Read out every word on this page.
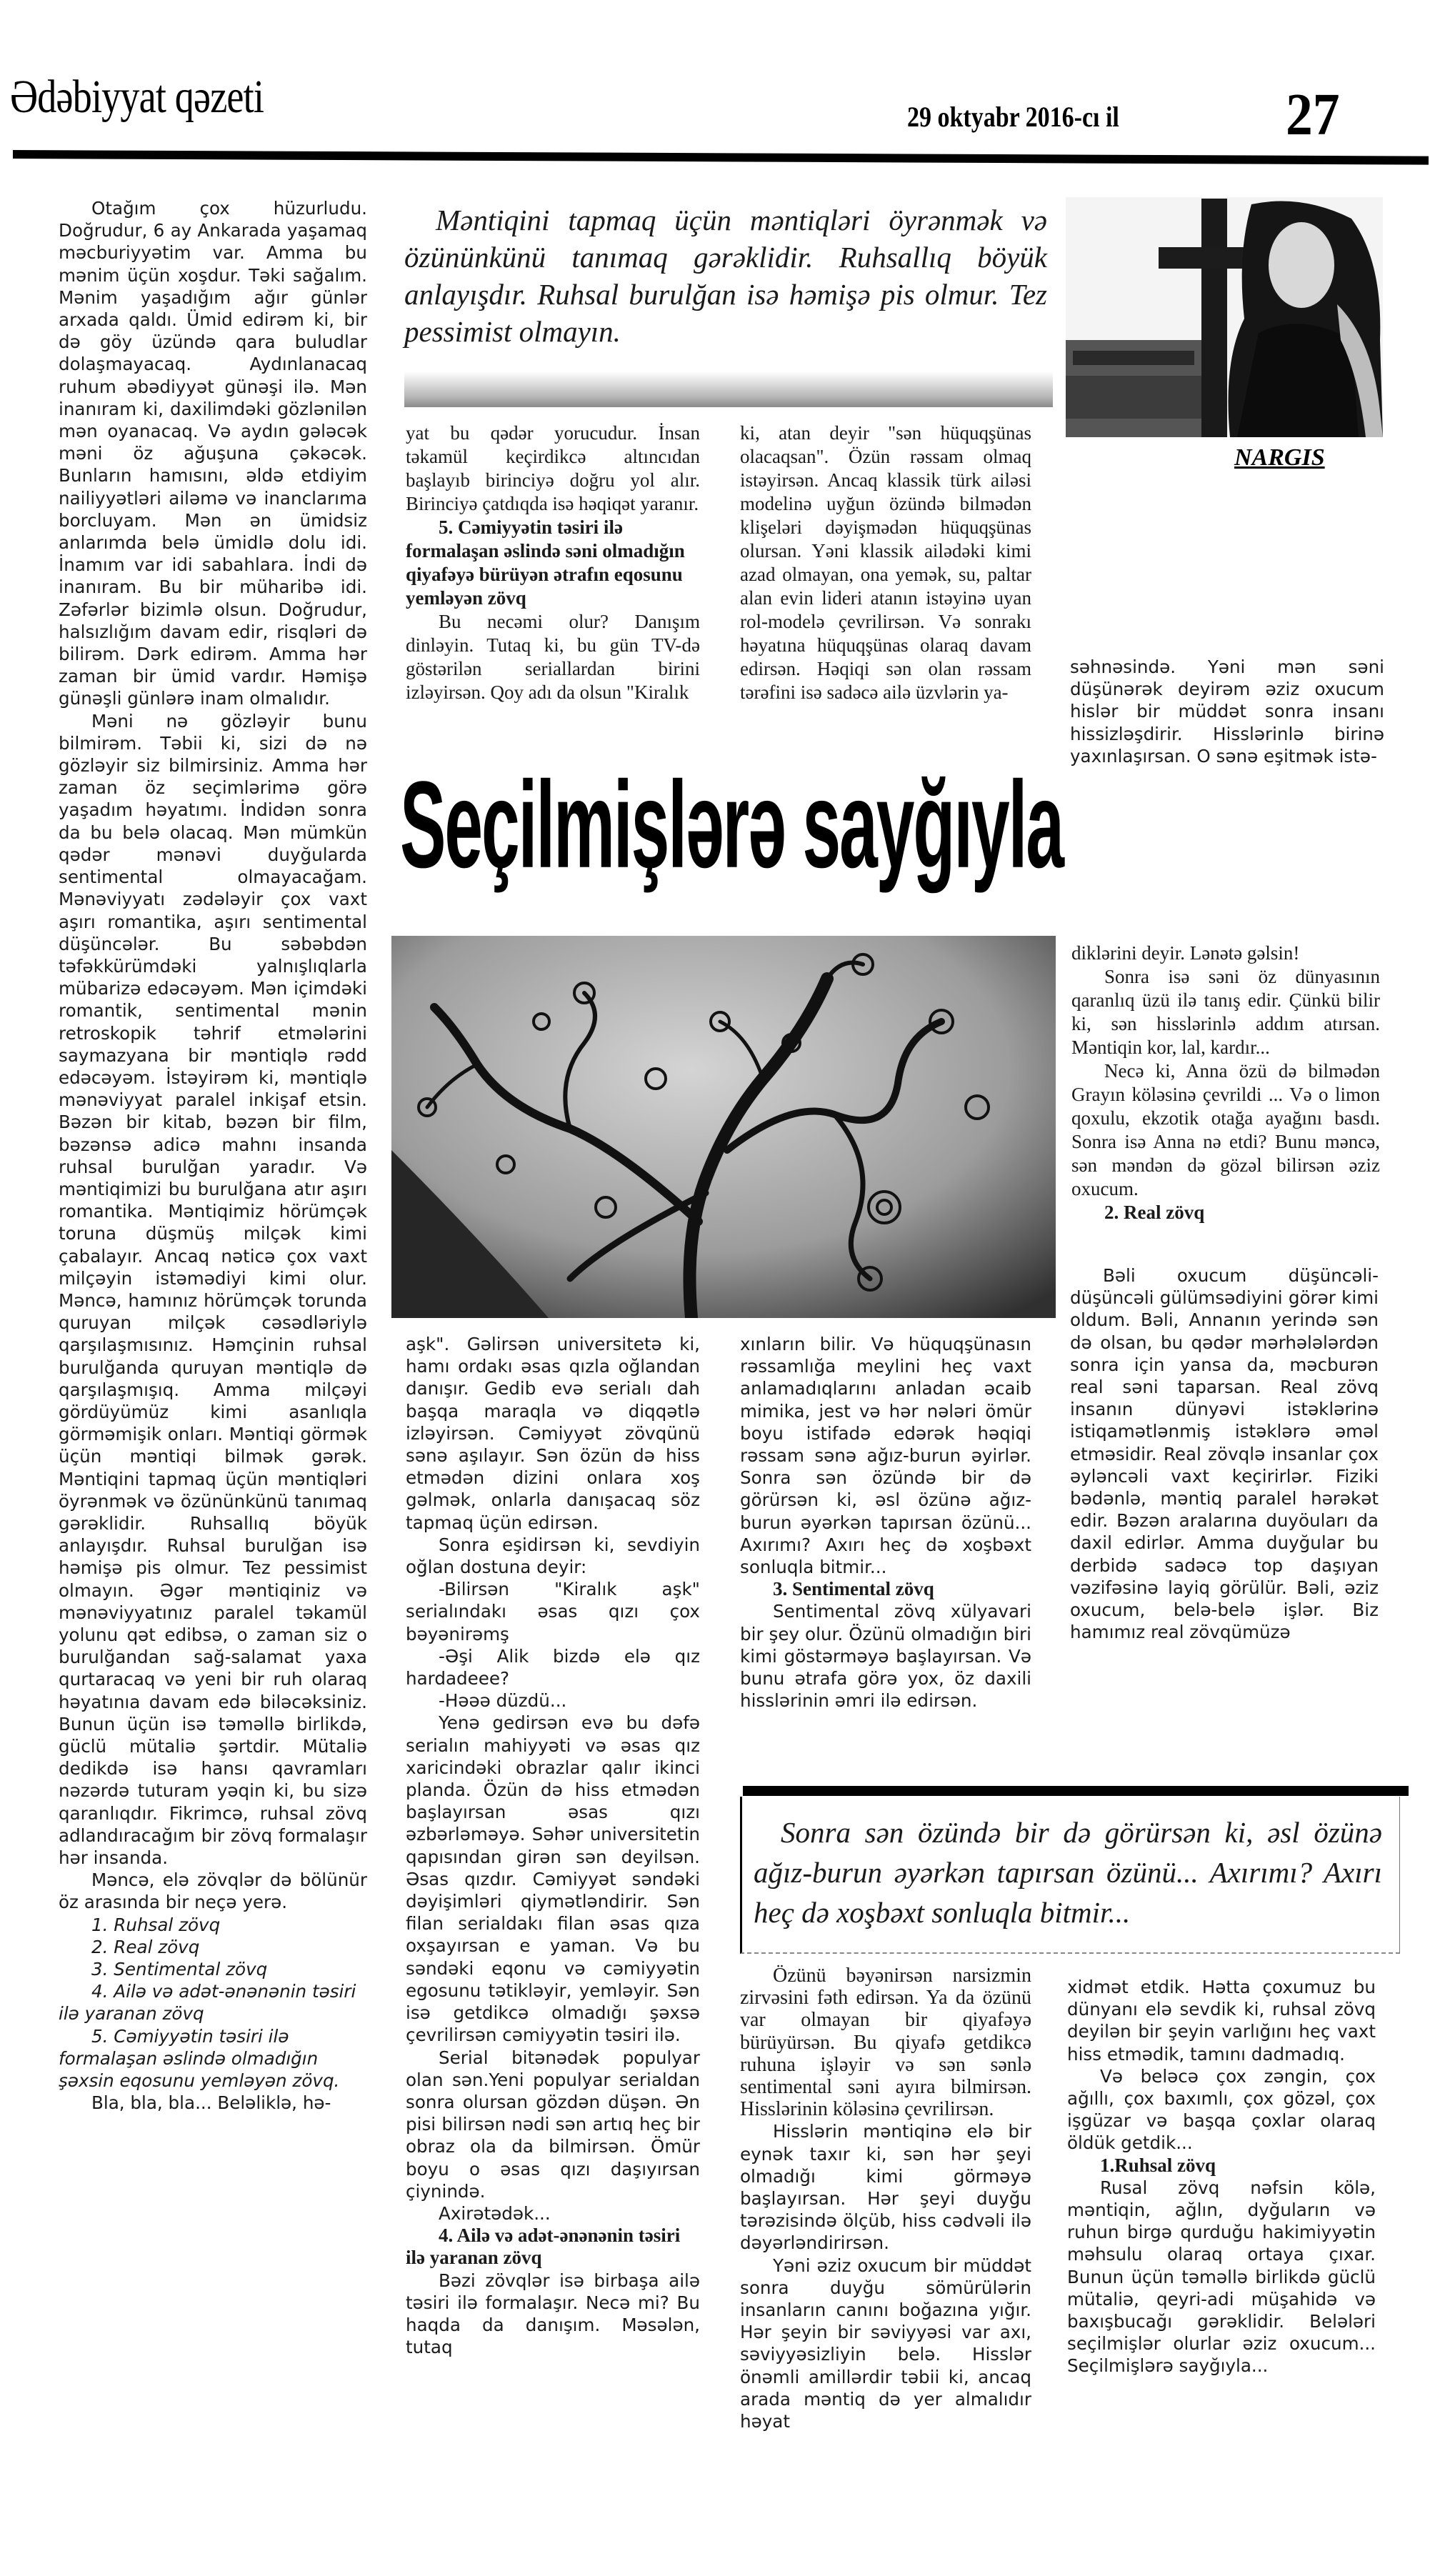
Ədəbiyyat qəzeti	29 oktyabr 2016-cı il	27

Otağım çox hüzurludu. Doğrudur, 6 ay Ankarada yaşamaq məcburiyyətim var. Amma bu mənim üçün xoşdur. Təki sağalım. Mənim yaşadığım ağır günlər arxada qaldı. Ümid edirəm ki, bir də göy üzündə qara buludlar dolaşmayacaq. Aydınlanacaq ruhum əbədiyyət günəşi ilə. Mən inanıram ki, daxilimdəki gözlənilən mən oyanacaq. Və aydın gələcək məni öz ağuşuna çəkəcək. Bunların hamısını, əldə etdiyim nailiyyətləri ailəmə və inanclarıma borcluyam. Mən ən ümidsiz anlarımda belə ümidlə dolu idi. İnamım var idi sabahlara. İndi də inanıram. Bu bir müharibə idi. Zəfərlər bizimlə olsun. Doğrudur, halsızlığım davam edir, risqləri də bilirəm. Dərk edirəm. Amma hər zaman bir ümid vardır. Həmişə günəşli günlərə inam olmalıdır.

Məni nə gözləyir bunu bilmirəm. Təbii ki, sizi də nə gözləyir siz bilmirsiniz. Amma hər zaman öz seçimlərimə görə yaşadım həyatımı. İndidən sonra da bu belə olacaq. Mən mümkün qədər mənəvi duyğularda sentimental olmayacağam. Mənəviyyatı zədələyir çox vaxt aşırı romantika, aşırı sentimental düşüncələr. Bu səbəbdən təfəkkürümdəki yalnışlıqlarla mübarizə edəcəyəm. Mən içimdəki romantik, sentimental mənin retroskopik təhrif etmələrini saymazyana bir məntiqlə rədd edəcəyəm. İstəyirəm ki, məntiqlə mənəviyyat paralel inkişaf etsin. Bəzən bir kitab, bəzən bir film, bəzənsə adicə mahnı insanda ruhsal burulğan yaradır. Və məntiqimizi bu burulğana atır aşırı romantika. Məntiqimiz hörümçək toruna düşmüş milçək kimi çabalayır. Ancaq nəticə çox vaxt milçəyin istəmədiyi kimi olur. Məncə, hamınız hörümçək torunda quruyan milçək cəsədləriylə qarşılaşmısınız. Həmçinin ruhsal burulğanda quruyan məntiqlə də qarşılaşmışıq. Amma milçəyi gördüyümüz kimi asanlıqla görməmişik onları. Məntiqi görmək üçün məntiqi bilmək gərək. Məntiqini tapmaq üçün məntiqləri öyrənmək və özününkünü tanımaq gərəklidir. Ruhsallıq böyük anlayışdır. Ruhsal burulğan isə həmişə pis olmur. Tez pessimist olmayın. Əgər məntiqiniz və mənəviyyatınız paralel təkamül yolunu qət edibsə, o zaman siz o burulğandan sağ-salamat yaxa qurtaracaq və yeni bir ruh olaraq həyatınıa davam edə biləcəksiniz. Bunun üçün isə təməllə birlikdə, güclü mütaliə şərtdir. Mütaliə dedikdə isə hansı qavramları nəzərdə tuturam yəqin ki, bu sizə qaranlıqdır. Fikrimcə, ruhsal zövq adlandıracağım bir zövq formalaşır hər insanda.

Məncə, elə zövqlər də bölünür öz arasında bir neçə yerə.

1. Ruhsal zövq

2. Real zövq

3. Sentimental zövq

4. Ailə və adət-ənənənin təsiri ilə yaranan zövq

5. Cəmiyyətin təsiri ilə formalaşan əslində olmadığın şəxsin eqosunu yemləyən zövq.

Bla, bla, bla... Beləliklə, hə-

Məntiqini tapmaq üçün məntiqləri öyrənmək və özününkünü tanımaq gərəklidir. Ruhsallıq böyük anlayışdır. Ruhsal burulğan isə həmişə pis olmur. Tez pessimist olmayın.
NARGIS

yat bu qədər yorucudur. İnsan təkamül keçirdikcə altıncıdan başlayıb birinciyə doğru yol alır. Birinciyə çatdıqda isə həqiqət yaranır.

5. Cəmiyyətin təsiri ilə formalaşan əslində səni olmadığın qiyafəyə bürüyən ətrafın eqosunu yemləyən zövq

Bu necəmi olur? Danışım dinləyin. Tutaq ki, bu gün TV-də göstərilən seriallardan birini izləyirsən. Qoy adı da olsun "Kiralık

ki, atan deyir "sən hüquqşünas olacaqsan". Özün rəssam olmaq istəyirsən. Ancaq klassik türk ailəsi modelinə uyğun özündə bilmədən klişeləri dəyişmədən hüquqşünas olursan. Yəni klassik ailədəki kimi azad olmayan, ona yemək, su, paltar alan evin lideri atanın istəyinə uyan rol-modelə çevrilirsən. Və sonrakı həyatına hüquqşünas olaraq davam edirsən. Həqiqi sən olan rəssam tərəfini isə sadəcə ailə üzvlərin ya-

səhnəsində. Yəni mən səni düşünərək deyirəm əziz oxucum hislər bir müddət sonra insanı hissizləşdirir. Hisslərinlə birinə yaxınlaşırsan. O sənə eşitmək istə-

Seçilmişlərə sayğıyla

diklərini deyir. Lənətə gəlsin!

Sonra isə səni öz dünyasının qaranlıq üzü ilə tanış edir. Çünkü bilir ki, sən hisslərinlə addım atırsan. Məntiqin kor, lal, kardır...

Necə ki, Anna özü də bilmədən Grayın köləsinə çevrildi ... Və o limon qoxulu, ekzotik otağa ayağını basdı. Sonra isə Anna nə etdi? Bunu məncə, sən məndən də gözəl bilirsən əziz oxucum.

2. Real zövq

Bəli oxucum düşüncəli-düşüncəli gülümsədiyini görər kimi oldum. Bəli, Annanın yerində sən də olsan, bu qədər mərhələlərdən sonra için yansa da, məcburən real səni taparsan. Real zövq insanın dünyəvi istəklərinə istiqamətlənmiş istəklərə əməl etməsidir. Real zövqlə insanlar çox əyləncəli vaxt keçirirlər. Fiziki bədənlə, məntiq paralel hərəkət edir. Bəzən aralarına duyöuları da daxil edirlər. Amma duyğular bu derbidə sadəcə top daşıyan vəzifəsinə layiq görülür. Bəli, əziz oxucum, belə-belə işlər. Biz hamımız real zövqümüzə

aşk". Gəlirsən universitetə ki, hamı ordakı əsas qızla oğlandan danışır. Gedib evə serialı dah başqa maraqla və diqqətlə izləyirsən. Cəmiyyət zövqünü sənə aşılayır. Sən özün də hiss etmədən dizini onlara xoş gəlmək, onlarla danışacaq söz tapmaq üçün edirsən.

Sonra eşidirsən ki, sevdiyin oğlan dostuna deyir:

-Bilirsən "Kiralık aşk" serialındakı əsas qızı çox bəyənirəmş

-Əşi Alik bizdə elə qız hardadeee?

-Həəə düzdü...

Yenə gedirsən evə bu dəfə serialın mahiyyəti və əsas qız xaricindəki obrazlar qalır ikinci planda. Özün də hiss etmədən başlayırsan əsas qızı əzbərləməyə. Səhər universitetin qapısından girən sən deyilsən. Əsas qızdır. Cəmiyyət səndəki dəyişimləri qiymətləndirir. Sən filan serialdakı filan əsas qıza oxşayırsan e yaman. Və bu səndəki eqonu və cəmiyyətin egosunu tətikləyir, yemləyir. Sən isə getdikcə olmadığı şəxsə çevrilirsən cəmiyyətin təsiri ilə.

Serial bitənədək populyar olan sən.Yeni populyar serialdan sonra olursan gözdən düşən. Ən pisi bilirsən nədi sən artıq heç bir obraz ola da bilmirsən. Ömür boyu o əsas qızı daşıyırsan çiynində.

Axirətədək...

4. Ailə və adət-ənənənin təsiri ilə yaranan zövq

Bəzi zövqlər isə birbaşa ailə təsiri ilə formalaşır. Necə mi? Bu haqda da danışım. Məsələn, tutaq

xınların bilir. Və hüquqşünasın rəssamlığa meylini heç vaxt anlamadıqlarını anladan əcaib mimika, jest və hər nələri ömür boyu istifadə edərək həqiqi rəssam sənə ağız-burun əyirlər. Sonra sən özündə bir də görürsən ki, əsl özünə ağız-burun əyərkən tapırsan özünü... Axırımı? Axırı heç də xoşbəxt sonluqla bitmir...

3. Sentimental zövq

Sentimental zövq xülyavari bir şey olur. Özünü olmadığın biri kimi göstərməyə başlayırsan. Və bunu ətrafa görə yox, öz daxili hisslərinin əmri ilə edirsən.

Sonra sən özündə bir də görürsən ki, əsl özünə ağız-burun əyərkən tapırsan özünü... Axırımı? Axırı heç də xoşbəxt sonluqla bitmir...

Özünü bəyənirsən narsizmin zirvəsini fəth edirsən. Ya da özünü var olmayan bir qiyafəyə bürüyürsən. Bu qiyafə getdikcə ruhuna işləyir və sən sənlə sentimental səni ayıra bilmirsən. Hisslərinin köləsinə çevrilirsən.

Hisslərin məntiqinə elə bir eynək taxır ki, sən hər şeyi olmadığı kimi görməyə başlayırsan. Hər şeyi duyğu tərəzisində ölçüb, hiss cədvəli ilə dəyərləndirirsən.

Yəni əziz oxucum bir müddət sonra duyğu sömürülərin insanların canını boğazına yığır. Hər şeyin bir səviyyəsi var axı, səviyyəsizliyin belə. Hisslər önəmli amillərdir təbii ki, ancaq arada məntiq də yer almalıdır həyat

xidmət etdik. Hətta çoxumuz bu dünyanı elə sevdik ki, ruhsal zövq deyilən bir şeyin varlığını heç vaxt hiss etmədik, tamını dadmadıq.

Və beləcə çox zəngin, çox ağıllı, çox baxımlı, çox gözəl, çox işgüzar və başqa çoxlar olaraq öldük getdik...

1.Ruhsal zövq

Rusal zövq nəfsin kölə, məntiqin, ağlın, dyğuların və ruhun birgə qurduğu hakimiyyətin məhsulu olaraq ortaya çıxar. Bunun üçün təməllə birlikdə güclü mütaliə, qeyri-adi müşahidə və baxışbucağı gərəklidir. Belələri seçilmişlər olurlar əziz oxucum... Seçilmişlərə sayğıyla...
